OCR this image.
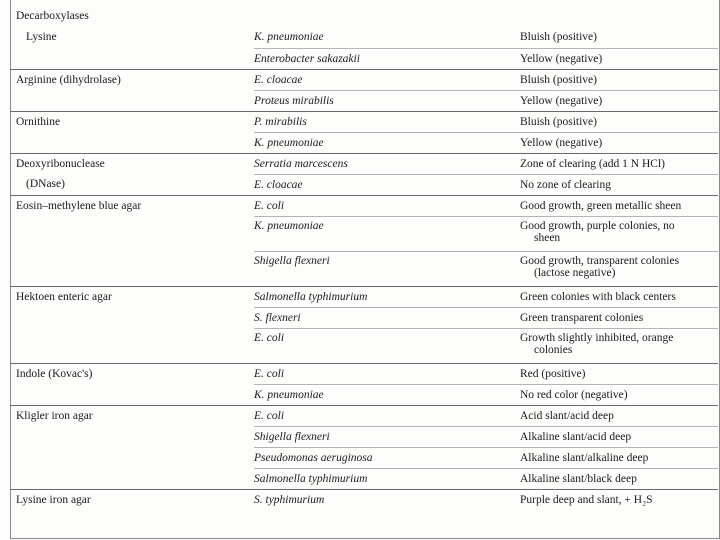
Decarboxylases		
Lysine	K. pneumoniae	Bluish (positive)
	Enterobacter sakazakii	Yellow (negative)
Arginine (dihydrolase)	E. cloacae	Bluish (positive)
	Proteus mirabilis	Yellow (negative)
Ornithine	P. mirabilis	Bluish (positive)
	K. pneumoniae	Yellow (negative)
Deoxyribonuclease	Serratia marcescens	Zone of clearing (add 1 N HCl)
(DNase)	E. cloacae	No zone of clearing
Eosin–methylene blue agar	E. coli	Good growth, green metallic sheen
	K. pneumoniae	Good growth, purple colonies, no
sheen

	Shigella flexneri	Good growth, transparent colonies
(lactose negative)

Hektoen enteric agar	Salmonella typhimurium	Green colonies with black centers
	S. flexneri	Green transparent colonies
	E. coli	Growth slightly inhibited, orange
colonies

Indole (Kovac's)	E. coli	Red (positive)
	K. pneumoniae	No red color (negative)
Kligler iron agar	E. coli	Acid slant/acid deep
	Shigella flexneri	Alkaline slant/acid deep
	Pseudomonas aeruginosa	Alkaline slant/alkaline deep
	Salmonella typhimurium	Alkaline slant/black deep
Lysine iron agar	S. typhimurium	Purple deep and slant, + H₂S
